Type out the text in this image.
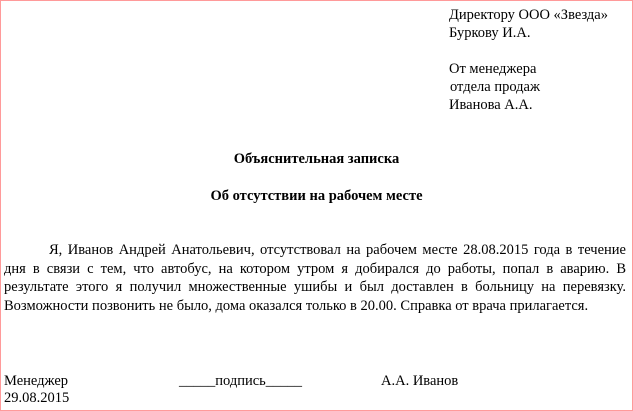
Директору ООО «Звезда»
Буркову И.А.
От менеджера
отдела продаж
Иванова А.А.
Объяснительная записка
Об отсутствии на рабочем месте
Я, Иванов Андрей Анатольевич, отсутствовал на рабочем месте 28.08.2015 года в течение дня в связи с тем, что автобус, на котором утром я добирался до работы, попал в аварию. В результате этого я получил множественные ушибы и был доставлен в больницу на перевязку. Возможности позвонить не было, дома оказался только в 20.00. Справка от врача прилагается.
Менеджер	_____подпись_____	А.А. Иванов
29.08.2015
